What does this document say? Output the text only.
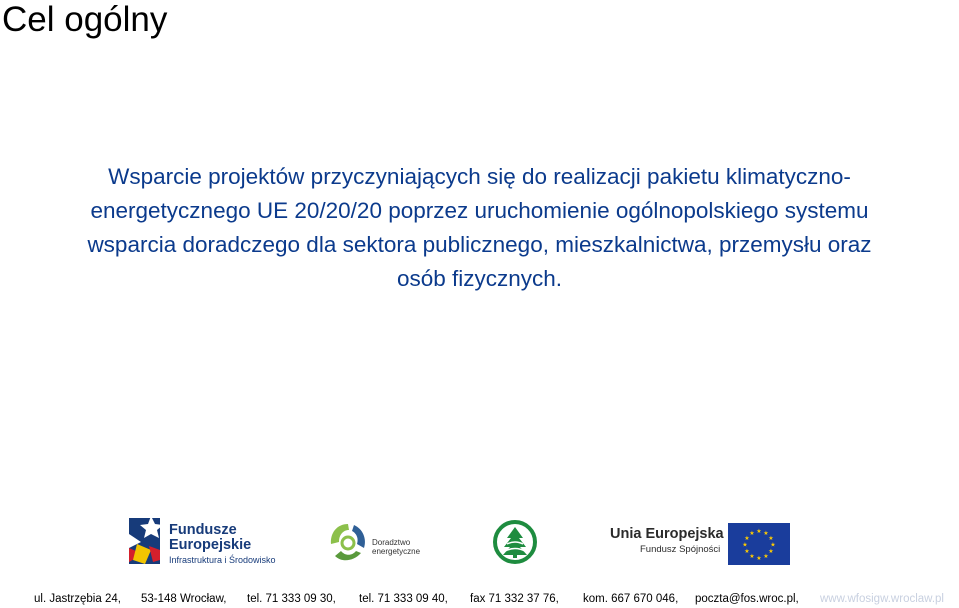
Cel ogólny
Wsparcie projektów przyczyniających się do realizacji pakietu klimatyczno-
energetycznego UE 20/20/20 poprzez uruchomienie ogólnopolskiego systemu
wsparcia doradczego dla sektora publicznego, mieszkalnictwa, przemysłu oraz
osób fizycznych.
Fundusze
Europejskie
Infrastruktura i Środowisko
Doradztwo
energetyczne
Unia Europejska
Fundusz Spójności
★ ★
★
★
★
★
★
★
★
★
★
★
ul. Jastrzębia 24, 53-148 Wrocław, tel. 71 333 09 30, tel. 71 333 09 40, fax 71 332 37 76, kom. 667 670 046, poczta@fos.wroc.pl, www.wfosigw.wroclaw.pl
